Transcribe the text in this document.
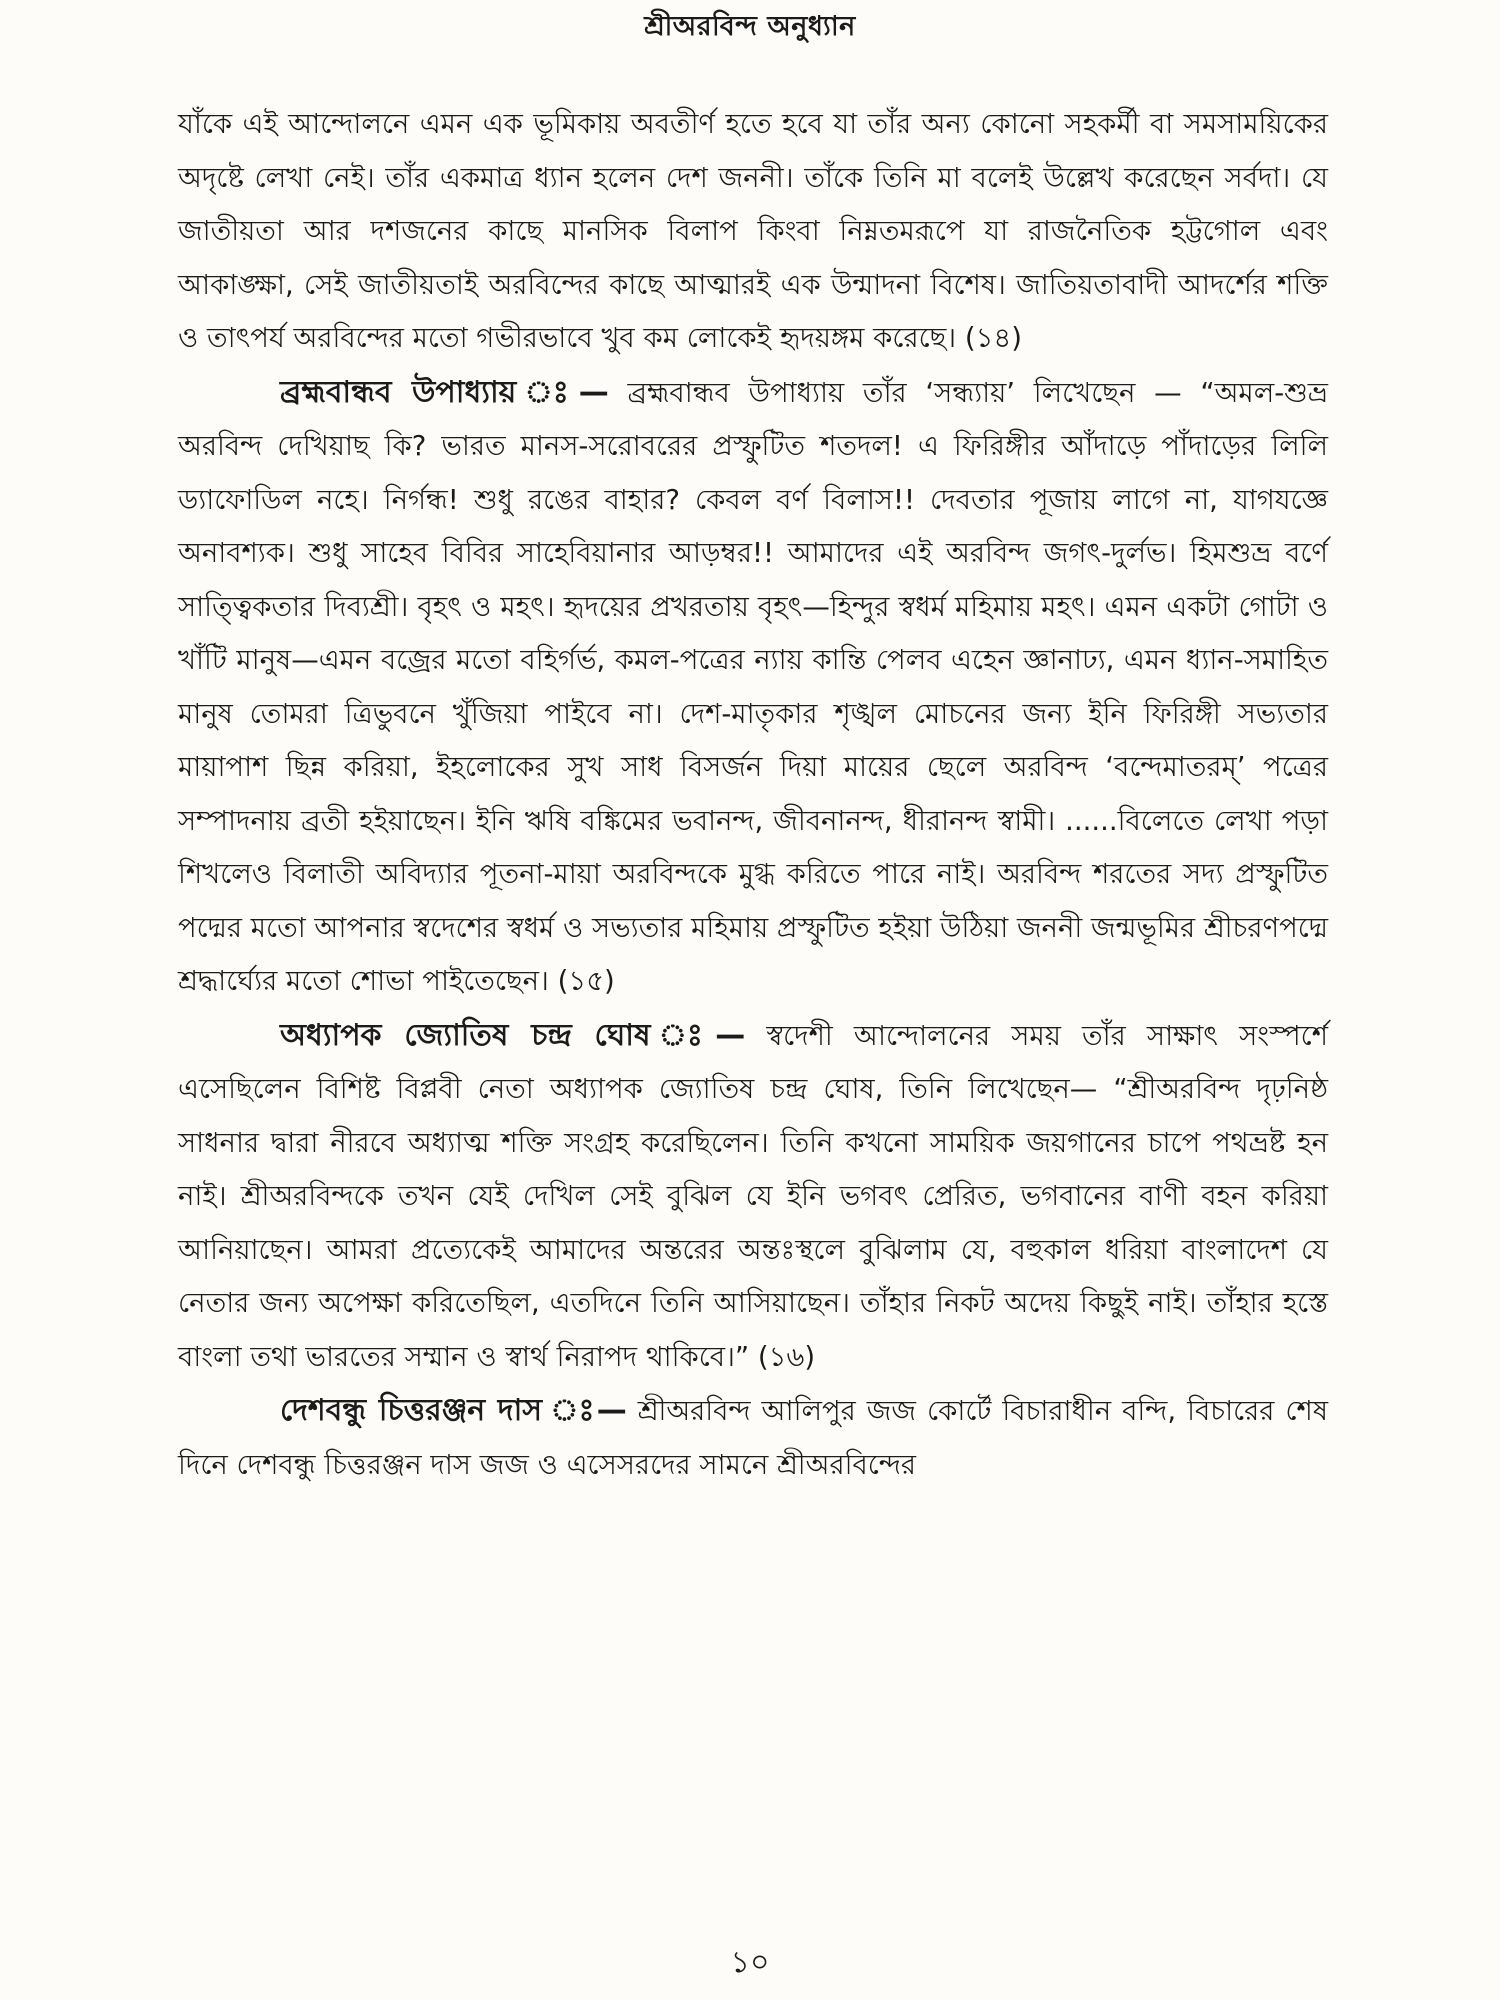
শ্রীঅরবিন্দ অনুধ্যান

যাঁকে এই আন্দোলনে এমন এক ভূমিকায় অবতীর্ণ হতে হবে যা তাঁর অন্য কোনো সহকর্মী বা সমসাময়িকের অদৃষ্টে লেখা নেই। তাঁর একমাত্র ধ্যান হলেন দেশ জননী। তাঁকে তিনি মা বলেই উল্লেখ করেছেন সর্বদা। যে জাতীয়তা আর দশজনের কাছে মানসিক বিলাপ কিংবা নিম্নতমরূপে যা রাজনৈতিক হট্টগোল এবং আকাঙ্ক্ষা, সেই জাতীয়তাই অরবিন্দের কাছে আত্মারই এক উন্মাদনা বিশেষ। জাতিয়তাবাদী আদর্শের শক্তি ও তাৎপর্য অরবিন্দের মতো গভীরভাবে খুব কম লোকেই হৃদয়ঙ্গম করেছে। (১৪)

ব্রহ্মবান্ধব উপাধ্যায় ঃ— ব্রহ্মবান্ধব উপাধ্যায় তাঁর ‘সন্ধ্যায়’ লিখেছেন — “অমল-শুভ্র অরবিন্দ দেখিয়াছ কি? ভারত মানস-সরোবরের প্রস্ফুটিত শতদল! এ ফিরিঙ্গীর আঁদাড়ে পাঁদাড়ের লিলি ড্যাফোডিল নহে। নির্গন্ধ! শুধু রঙের বাহার? কেবল বর্ণ বিলাস!! দেবতার পূজায় লাগে না, যাগযজ্ঞে অনাবশ্যক। শুধু সাহেব বিবির সাহেবিয়ানার আড়ম্বর!! আমাদের এই অরবিন্দ জগৎ-দুর্লভ। হিমশুভ্র বর্ণে সাত্ত্বিকতার দিব্যশ্রী। বৃহৎ ও মহৎ। হৃদয়ের প্রখরতায় বৃহৎ—হিন্দুর স্বধর্ম মহিমায় মহৎ। এমন একটা গোটা ও খাঁটি মানুষ—এমন বজ্রের মতো বহির্গর্ভ, কমল-পত্রের ন্যায় কান্তি পেলব এহেন জ্ঞানাঢ্য, এমন ধ্যান-সমাহিত মানুষ তোমরা ত্রিভুবনে খুঁজিয়া পাইবে না। দেশ-মাতৃকার শৃঙ্খল মোচনের জন্য ইনি ফিরিঙ্গী সভ্যতার মায়াপাশ ছিন্ন করিয়া, ইহলোকের সুখ সাধ বিসর্জন দিয়া মায়ের ছেলে অরবিন্দ ‘বন্দেমাতরম্’ পত্রের সম্পাদনায় ব্রতী হইয়াছেন। ইনি ঋষি বঙ্কিমের ভবানন্দ, জীবনানন্দ, ধীরানন্দ স্বামী। ......বিলেতে লেখা পড়া শিখলেও বিলাতী অবিদ্যার পূতনা-মায়া অরবিন্দকে মুগ্ধ করিতে পারে নাই। অরবিন্দ শরতের সদ্য প্রস্ফুটিত পদ্মের মতো আপনার স্বদেশের স্বধর্ম ও সভ্যতার মহিমায় প্রস্ফুটিত হইয়া উঠিয়া জননী জন্মভূমির শ্রীচরণপদ্মে শ্রদ্ধার্ঘ্যের মতো শোভা পাইতেছেন। (১৫)

অধ্যাপক জ্যোতিষ চন্দ্র ঘোষ ঃ— স্বদেশী আন্দোলনের সময় তাঁর সাক্ষাৎ সংস্পর্শে এসেছিলেন বিশিষ্ট বিপ্লবী নেতা অধ্যাপক জ্যোতিষ চন্দ্র ঘোষ, তিনি লিখেছেন— “শ্রীঅরবিন্দ দৃঢ়নিষ্ঠ সাধনার দ্বারা নীরবে অধ্যাত্ম শক্তি সংগ্রহ করেছিলেন। তিনি কখনো সাময়িক জয়গানের চাপে পথভ্রষ্ট হন নাই। শ্রীঅরবিন্দকে তখন যেই দেখিল সেই বুঝিল যে ইনি ভগবৎ প্রেরিত, ভগবানের বাণী বহন করিয়া আনিয়াছেন। আমরা প্রত্যেকেই আমাদের অন্তরের অন্তঃস্থলে বুঝিলাম যে, বহুকাল ধরিয়া বাংলাদেশ যে নেতার জন্য অপেক্ষা করিতেছিল, এতদিনে তিনি আসিয়াছেন। তাঁহার নিকট অদেয় কিছুই নাই। তাঁহার হস্তে বাংলা তথা ভারতের সম্মান ও স্বার্থ নিরাপদ থাকিবে।” (১৬)

দেশবন্ধু চিত্তরঞ্জন দাস ঃ— শ্রীঅরবিন্দ আলিপুর জজ কোর্টে বিচারাধীন বন্দি, বিচারের শেষ দিনে দেশবন্ধু চিত্তরঞ্জন দাস জজ ও এসেসরদের সামনে শ্রীঅরবিন্দের

১০
